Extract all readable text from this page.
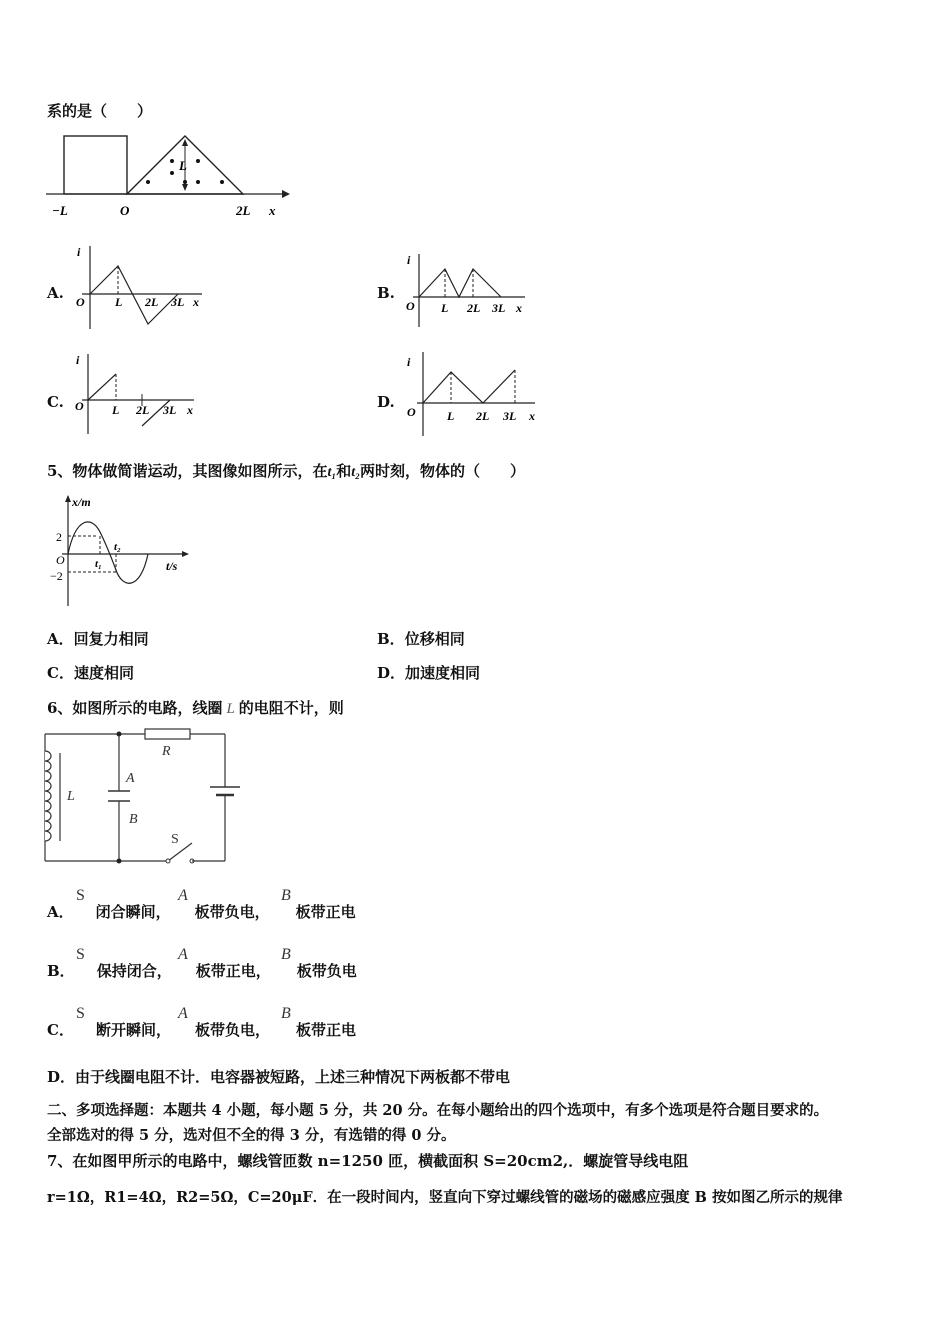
系的是（　　）
L
−L	O	2L x
A.
i
O	L 2L 3L x	B.
i
O L 2L 3L x
C.
i
O L 2L 3L x	D.
i
O	L 2L 3L x
5、物体做简谐运动，其图像如图所示，在t₁和t₂两时刻，物体的（　　）
x/m
2
O
−2
t₁
t₂
t/s
A．回复力相同	B．位移相同
C．速度相同	D．加速度相同
6、如图所示的电路，线圈 L 的电阻不计，则
R
A
B
L
S
A． 闭合瞬间， 板带负电， 板带正电
S	A	B
B． 保持闭合， 板带正电， 板带负电
S	A	B
C． 断开瞬间， 板带负电， 板带正电
S	A	B
D．由于线圈电阻不计．电容器被短路，上述三种情况下两板都不带电
二、多项选择题：本题共 4 小题，每小题 5 分，共 20 分。在每小题给出的四个选项中，有多个选项是符合题目要求的。
全部选对的得 5 分，选对但不全的得 3 分，有选错的得 0 分。
7、在如图甲所示的电路中，螺线管匝数 n=1250 匝，横截面积 S=20cm2,．螺旋管导线电阻
r=1Ω，R1=4Ω，R2=5Ω，C=20μF．在一段时间内，竖直向下穿过螺线管的磁场的磁感应强度 B 按如图乙所示的规律
